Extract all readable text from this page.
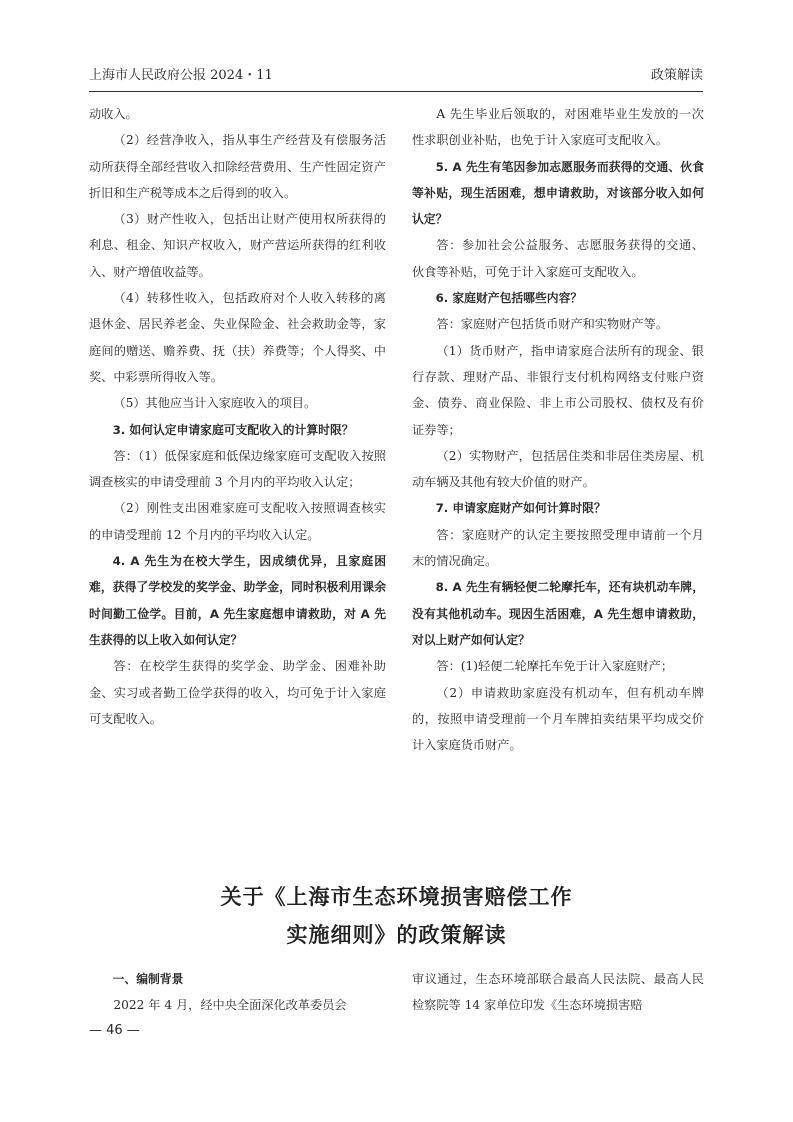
上海市人民政府公报 2024・11	政策解读

动收入。

（2）经营净收入，指从事生产经营及有偿服务活动所获得全部经营收入扣除经营费用、生产性固定资产折旧和生产税等成本之后得到的收入。

（3）财产性收入，包括出让财产使用权所获得的利息、租金、知识产权收入，财产营运所获得的红利收入、财产增值收益等。

（4）转移性收入，包括政府对个人收入转移的离退休金、居民养老金、失业保险金、社会救助金等，家庭间的赠送、赡养费、抚（扶）养费等；个人得奖、中奖、中彩票所得收入等。

（5）其他应当计入家庭收入的项目。

3. 如何认定申请家庭可支配收入的计算时限？

答：（1）低保家庭和低保边缘家庭可支配收入按照调查核实的申请受理前 3 个月内的平均收入认定；

（2）刚性支出困难家庭可支配收入按照调查核实的申请受理前 12 个月内的平均收入认定。

4. A 先生为在校大学生，因成绩优异，且家庭困难，获得了学校发的奖学金、助学金，同时积极利用课余时间勤工俭学。目前，A 先生家庭想申请救助，对 A 先生获得的以上收入如何认定？

答：在校学生获得的奖学金、助学金、困难补助金、实习或者勤工俭学获得的收入，均可免于计入家庭可支配收入。

A 先生毕业后领取的，对困难毕业生发放的一次性求职创业补贴，也免于计入家庭可支配收入。

5. A 先生有笔因参加志愿服务而获得的交通、伙食等补贴，现生活困难，想申请救助，对该部分收入如何认定？

答：参加社会公益服务、志愿服务获得的交通、伙食等补贴，可免于计入家庭可支配收入。

6. 家庭财产包括哪些内容？

答：家庭财产包括货币财产和实物财产等。

（1）货币财产，指申请家庭合法所有的现金、银行存款、理财产品、非银行支付机构网络支付账户资金、债券、商业保险、非上市公司股权、债权及有价证券等；

（2）实物财产，包括居住类和非居住类房屋、机动车辆及其他有较大价值的财产。

7. 申请家庭财产如何计算时限？

答：家庭财产的认定主要按照受理申请前一个月末的情况确定。

8. A 先生有辆轻便二轮摩托车，还有块机动车牌，没有其他机动车。现因生活困难，A 先生想申请救助，对以上财产如何认定？

答：(1)轻便二轮摩托车免于计入家庭财产；

（2）申请救助家庭没有机动车，但有机动车牌的，按照申请受理前一个月车牌拍卖结果平均成交价计入家庭货币财产。

关于《上海市生态环境损害赔偿工作
实施细则》的政策解读

一、编制背景

2022 年 4 月，经中央全面深化改革委员会

审议通过，生态环境部联合最高人民法院、最高人民检察院等 14 家单位印发《生态环境损害赔

— 46 —
